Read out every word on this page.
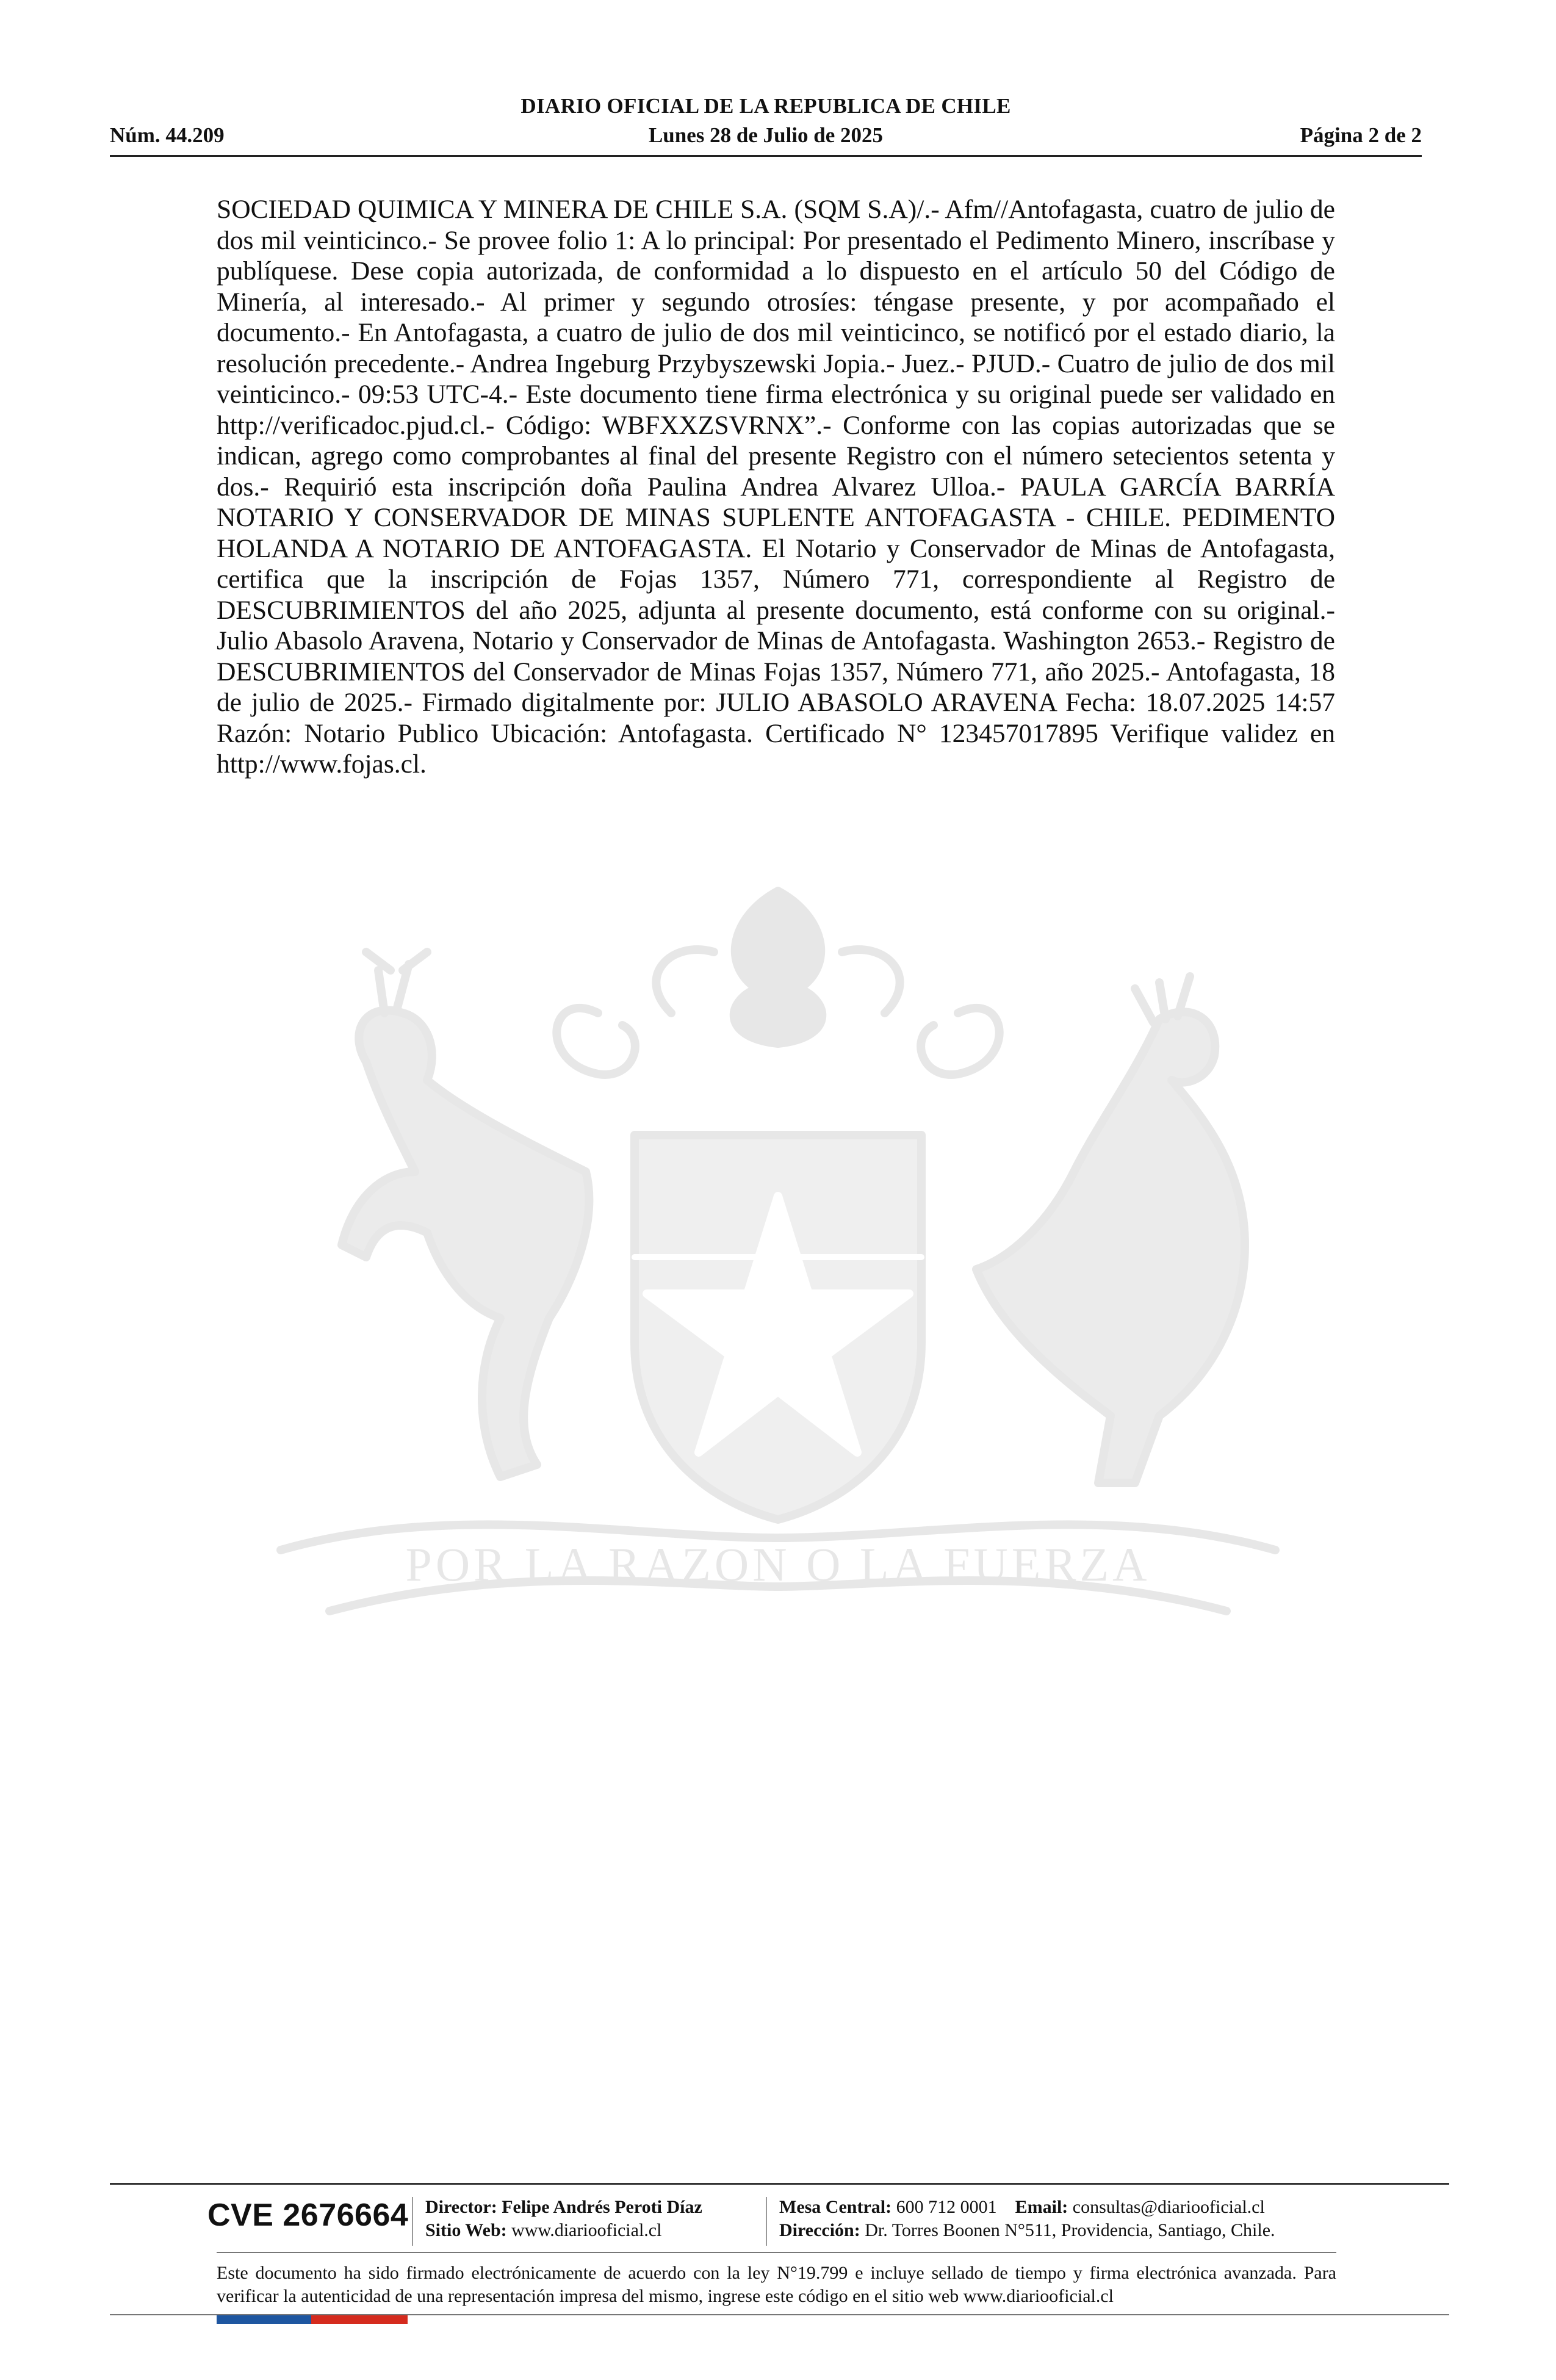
DIARIO OFICIAL DE LA REPUBLICA DE CHILE
Núm. 44.209	Lunes 28 de Julio de 2025	Página 2 de 2
SOCIEDAD QUIMICA Y MINERA DE CHILE S.A. (SQM S.A)/.- Afm//Antofagasta, cuatro de julio de dos mil veinticinco.- Se provee folio 1: A lo principal: Por presentado el Pedimento Minero, inscríbase y publíquese. Dese copia autorizada, de conformidad a lo dispuesto en el artículo 50 del Código de Minería, al interesado.- Al primer y segundo otrosíes: téngase presente, y por acompañado el documento.- En Antofagasta, a cuatro de julio de dos mil veinticinco, se notificó por el estado diario, la resolución precedente.- Andrea Ingeburg Przybyszewski Jopia.- Juez.- PJUD.- Cuatro de julio de dos mil veinticinco.- 09:53 UTC-4.- Este documento tiene firma electrónica y su original puede ser validado en http://verificadoc.pjud.cl.- Código: WBFXXZSVRNX”.- Conforme con las copias autorizadas que se indican, agrego como comprobantes al final del presente Registro con el número setecientos setenta y dos.- Requirió esta inscripción doña Paulina Andrea Alvarez Ulloa.- PAULA GARCÍA BARRÍA NOTARIO Y CONSERVADOR DE MINAS SUPLENTE ANTOFAGASTA - CHILE. PEDIMENTO HOLANDA A NOTARIO DE ANTOFAGASTA. El Notario y Conservador de Minas de Antofagasta, certifica que la inscripción de Fojas 1357, Número 771, correspondiente al Registro de DESCUBRIMIENTOS del año 2025, adjunta al presente documento, está conforme con su original.- Julio Abasolo Aravena, Notario y Conservador de Minas de Antofagasta. Washington 2653.- Registro de DESCUBRIMIENTOS del Conservador de Minas Fojas 1357, Número 771, año 2025.- Antofagasta, 18 de julio de 2025.- Firmado digitalmente por: JULIO ABASOLO ARAVENA Fecha: 18.07.2025 14:57 Razón: Notario Publico Ubicación: Antofagasta. Certificado N° 123457017895 Verifique validez en http://www.fojas.cl.
POR LA RAZON O LA FUERZA
CVE 2676664 Director: Felipe Andrés Peroti Díaz
Sitio Web: www.diariooficial.cl
Mesa Central: 600 712 0001 Email: consultas@diariooficial.cl
Dirección: Dr. Torres Boonen N°511, Providencia, Santiago, Chile.
Este documento ha sido firmado electrónicamente de acuerdo con la ley N°19.799 e incluye sellado de tiempo y firma electrónica avanzada. Para verificar la autenticidad de una representación impresa del mismo, ingrese este código en el sitio web www.diariooficial.cl
